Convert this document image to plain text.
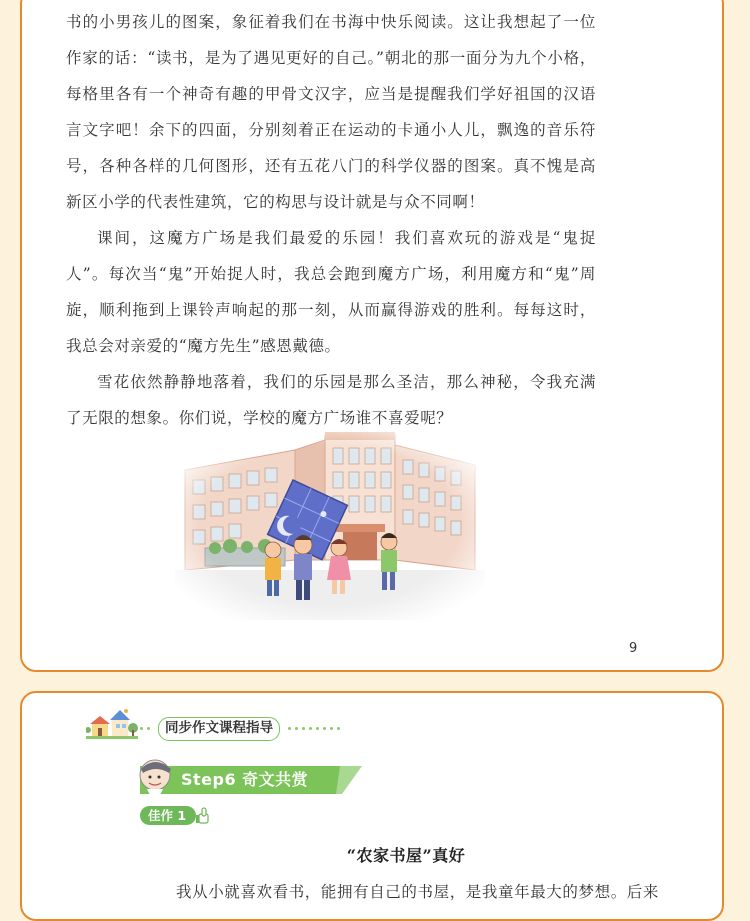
书的小男孩儿的图案，象征着我们在书海中快乐阅读。这让我想起了一位作家的话：“读书，是为了遇见更好的自己。”朝北的那一面分为九个小格，每格里各有一个神奇有趣的甲骨文汉字，应当是提醒我们学好祖国的汉语言文字吧！余下的四面，分别刻着正在运动的卡通小人儿，飘逸的音乐符号，各种各样的几何图形，还有五花八门的科学仪器的图案。真不愧是高新区小学的代表性建筑，它的构思与设计就是与众不同啊！

课间，这魔方广场是我们最爱的乐园！我们喜欢玩的游戏是“鬼捉人”。每次当“鬼”开始捉人时，我总会跑到魔方广场，利用魔方和“鬼”周旋，顺利拖到上课铃声响起的那一刻，从而赢得游戏的胜利。每每这时，我总会对亲爱的“魔方先生”感恩戴德。

雪花依然静静地落着，我们的乐园是那么圣洁，那么神秘，令我充满了无限的想象。你们说，学校的魔方广场谁不喜爱呢？

9
同步作文课程指导
Step6 奇文共赏
佳作 1
“农家书屋”真好
我从小就喜欢看书，能拥有自己的书屋，是我童年最大的梦想。后来
